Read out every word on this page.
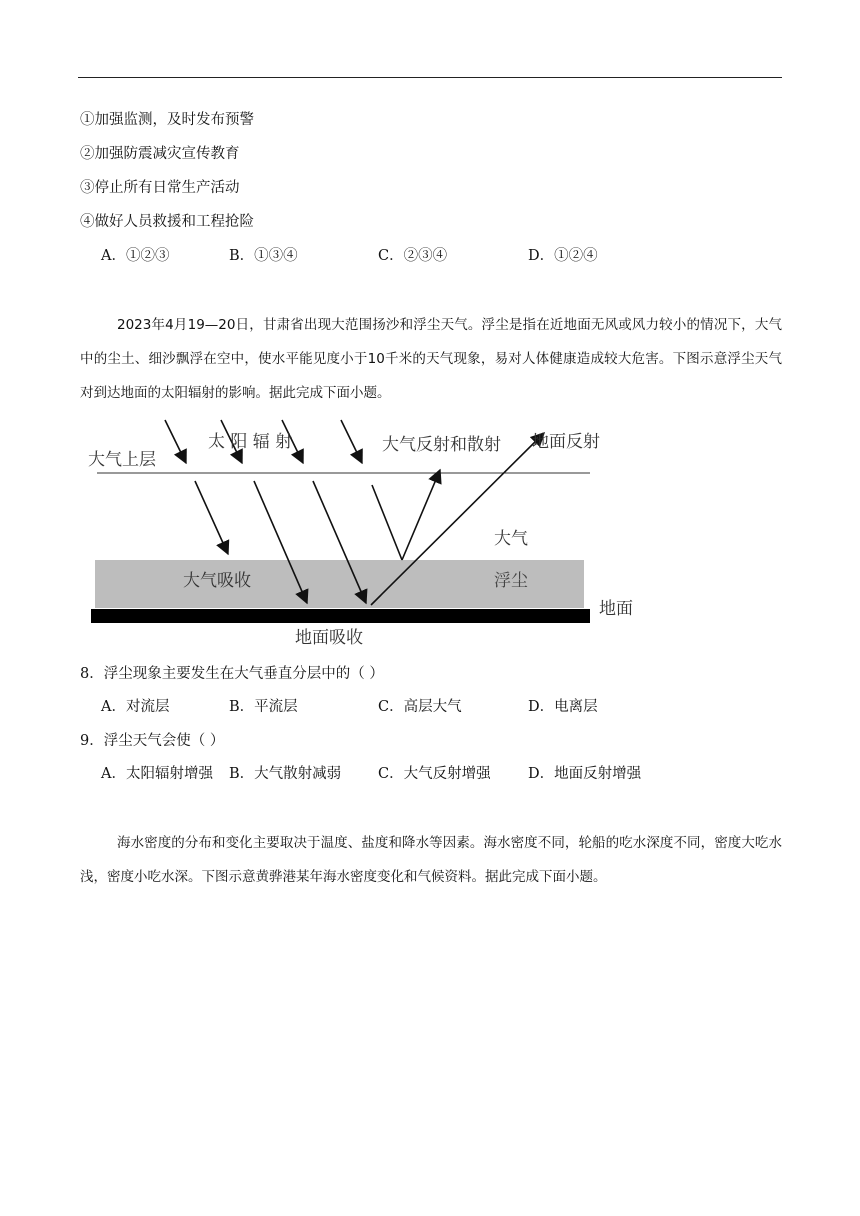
①加强监测，及时发布预警
②加强防震减灾宣传教育
③停止所有日常生产活动
④做好人员救援和工程抢险
A．①②③	B．①③④	C．②③④	D．①②④
2023年4月19—20日，甘肃省出现大范围扬沙和浮尘天气。浮尘是指在近地面无风或风力较小的情况下，大气中的尘土、细沙飘浮在空中，使水平能见度小于10千米的天气现象，易对人体健康造成较大危害。下图示意浮尘天气对到达地面的太阳辐射的影响。据此完成下面小题。
大气上层
太 阳 辐 射	大气反射和散射 地面反射
大气
大气吸收	浮尘
地面
地面吸收
8．浮尘现象主要发生在大气垂直分层中的（ ）
A．对流层	B．平流层	C．高层大气	D．电离层
9．浮尘天气会使（ ）
A．太阳辐射增强 B．大气散射减弱	C．大气反射增强	D．地面反射增强
海水密度的分布和变化主要取决于温度、盐度和降水等因素。海水密度不同，轮船的吃水深度不同，密度大吃水浅，密度小吃水深。下图示意黄骅港某年海水密度变化和气候资料。据此完成下面小题。
